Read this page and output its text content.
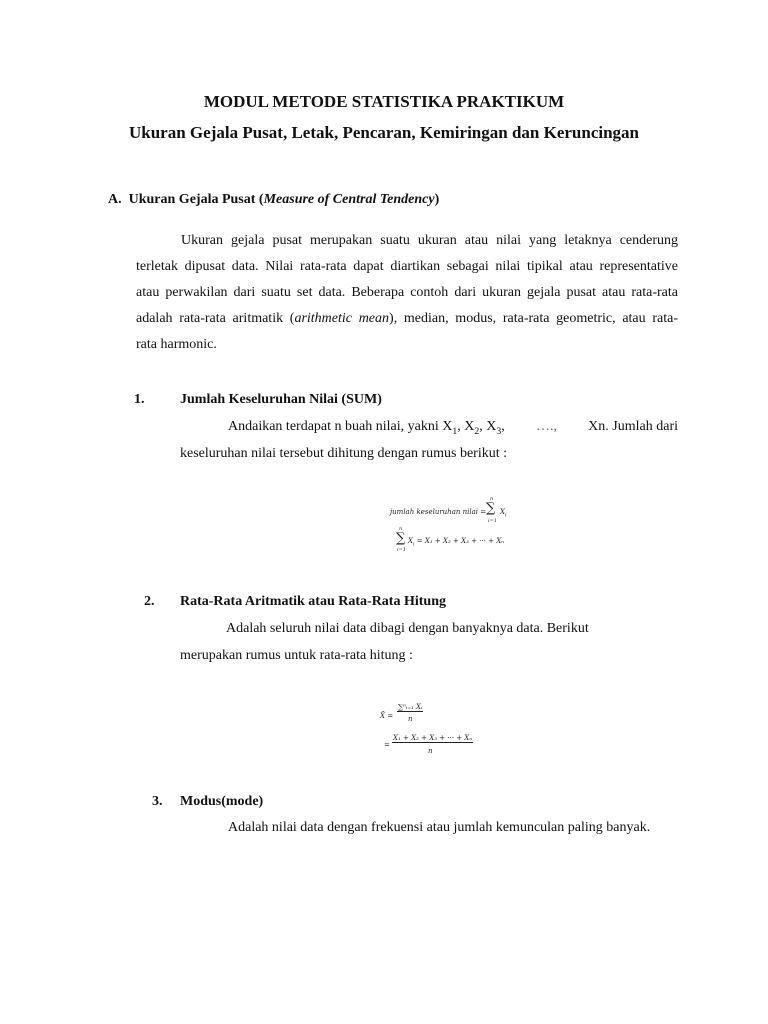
MODUL METODE STATISTIKA PRAKTIKUM
Ukuran Gejala Pusat, Letak, Pencaran, Kemiringan dan Keruncingan
A. Ukuran Gejala Pusat (Measure of Central Tendency)
Ukuran gejala pusat merupakan suatu ukuran atau nilai yang letaknya cenderung
terletak dipusat data. Nilai rata-rata dapat diartikan sebagai nilai tipikal atau representative
atau perwakilan dari suatu set data. Beberapa contoh dari ukuran gejala pusat atau rata-rata
adalah rata-rata aritmatik (arithmetic mean), median, modus, rata-rata geometric, atau rata-
rata harmonic.
1.	Jumlah Keseluruhan Nilai (SUM)
Andaikan terdapat n buah nilai, yakni $X_1$, $X_2$, $X_3$, …., Xn. Jumlah dari
keseluruhan nilai tersebut dihitung dengan rumus berikut :
jumlah keseluruhan nilai =
n
∑
i=1
$X_i$
n
∑
i=1
$X_i = X_1 + X_2 + X_3$ + ··· + Xₙ
2. Rata-Rata Aritmatik atau Rata-Rata Hitung
Adalah seluruh nilai data dibagi dengan banyaknya data. Berikut
merupakan rumus untuk rata-rata hitung :
X̄ =
∑ⁿᵢ₌₁ Xᵢ
n
=
X₁ + X₂ + X₃ + ··· + Xₙ
n
3. Modus(mode)
Adalah nilai data dengan frekuensi atau jumlah kemunculan paling banyak.
